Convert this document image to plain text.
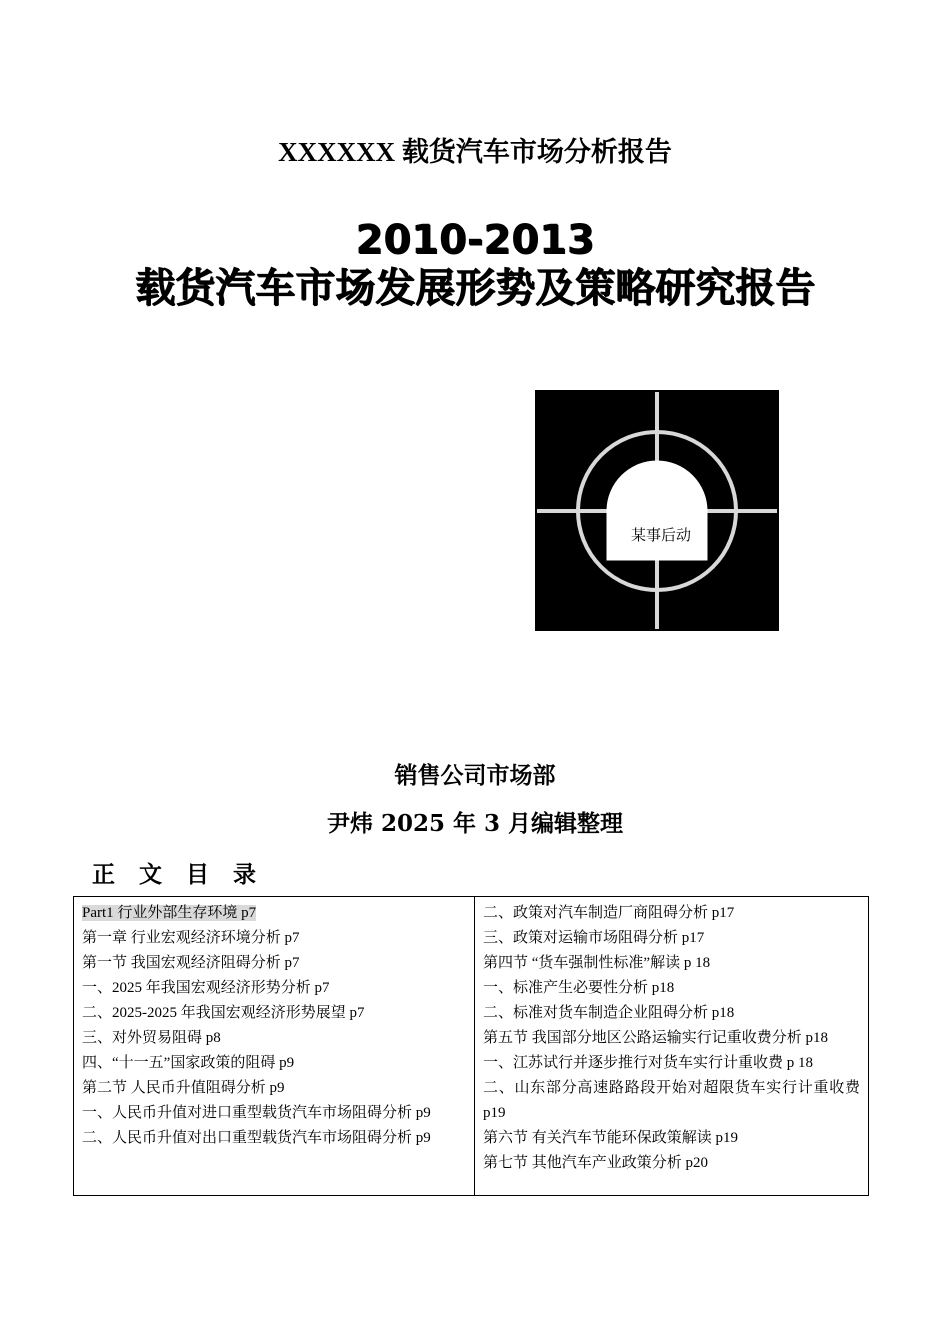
XXXXXX 载货汽车市场分析报告
2010-2013
载货汽车市场发展形势及策略研究报告
某事后动
销售公司市场部
尹炜 2025 年 3 月编辑整理
正 文 目 录
Part1 行业外部生存环境 p7
第一章 行业宏观经济环境分析 p7
第一节 我国宏观经济阻碍分析 p7
一、2025 年我国宏观经济形势分析 p7
二、2025-2025 年我国宏观经济形势展望 p7
三、对外贸易阻碍 p8
四、“十一五”国家政策的阻碍 p9
第二节 人民币升值阻碍分析 p9
一、人民币升值对进口重型载货汽车市场阻碍分析 p9
二、人民币升值对出口重型载货汽车市场阻碍分析 p9
二、政策对汽车制造厂商阻碍分析 p17
三、政策对运输市场阻碍分析 p17
第四节 “货车强制性标准”解读 p 18
一、标准产生必要性分析 p18
二、标准对货车制造企业阻碍分析 p18
第五节 我国部分地区公路运输实行记重收费分析 p18
一、江苏试行并逐步推行对货车实行计重收费 p 18
二、山东部分高速路路段开始对超限货车实行计重收费 p19
第六节 有关汽车节能环保政策解读 p19
第七节 其他汽车产业政策分析 p20
